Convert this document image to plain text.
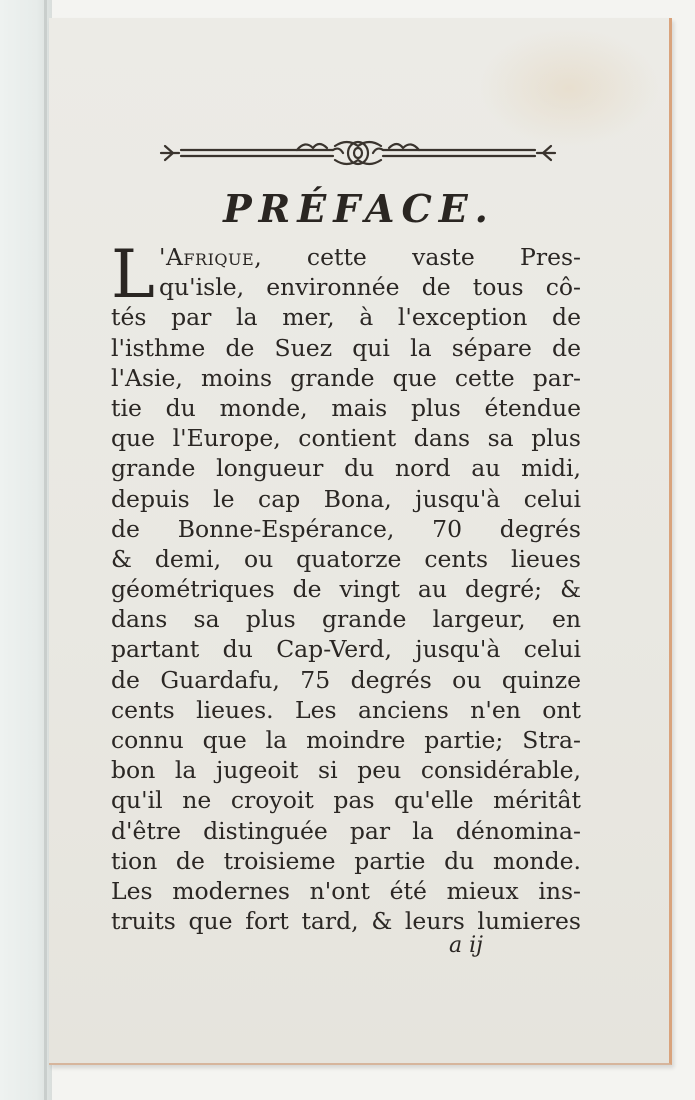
PRÉFACE.
L 'Afrique, cette vaste Pres-
qu'isle, environnée de tous cô-
tés par la mer, à l'exception de
l'isthme de Suez qui la sépare de
l'Asie, moins grande que cette par-
tie du monde, mais plus étendue
que l'Europe, contient dans sa plus
grande longueur du nord au midi,
depuis le cap Bona, jusqu'à celui
de Bonne-Espérance, 70 degrés
& demi, ou quatorze cents lieues
géométriques de vingt au degré; &
dans sa plus grande largeur, en
partant du Cap-Verd, jusqu'à celui
de Guardafu, 75 degrés ou quinze
cents lieues. Les anciens n'en ont
connu que la moindre partie; Stra-
bon la jugeoit si peu considérable,
qu'il ne croyoit pas qu'elle méritât
d'être distinguée par la dénomina-
tion de troisieme partie du monde.
Les modernes n'ont été mieux ins-
truits que fort tard, & leurs lumieres
a ij
